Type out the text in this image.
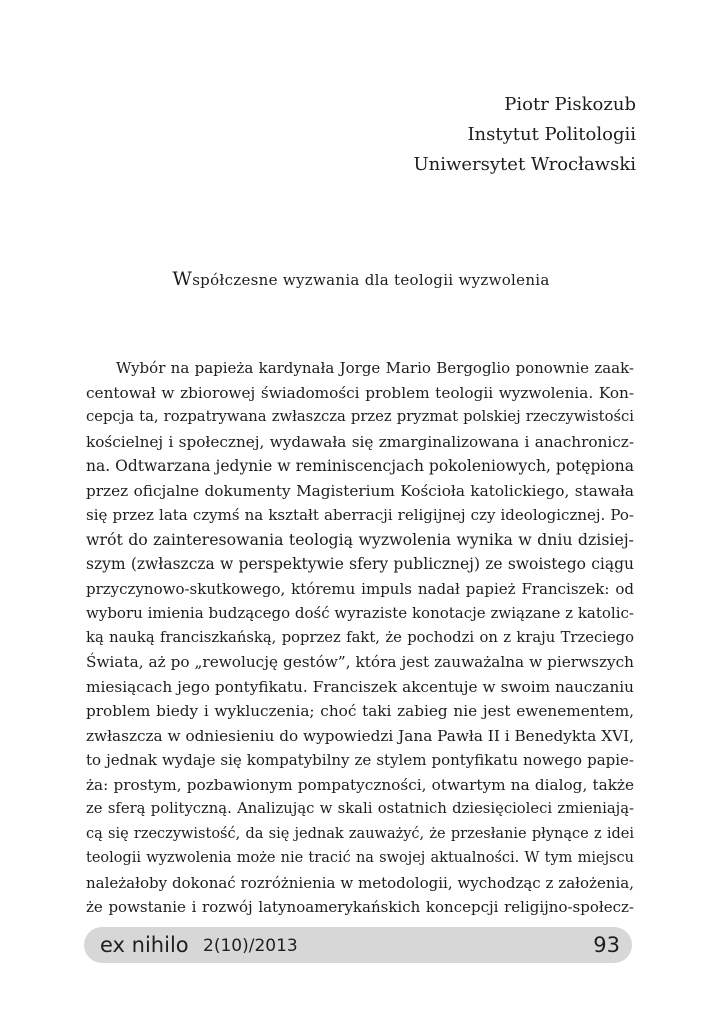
Piotr Piskozub
Instytut Politologii
Uniwersytet Wrocławski
Współczesne wyzwania dla teologii wyzwolenia
Wybór na papieża kardynała Jorge Mario Bergoglio ponownie zaak-
centował w zbiorowej świadomości problem teologii wyzwolenia. Kon-
cepcja ta, rozpatrywana zwłaszcza przez pryzmat polskiej rzeczywistości
kościelnej i społecznej, wydawała się zmarginalizowana i anachronicz-
na. Odtwarzana jedynie w reminiscencjach pokoleniowych, potępiona
przez oficjalne dokumenty Magisterium Kościoła katolickiego, stawała
się przez lata czymś na kształt aberracji religijnej czy ideologicznej. Po-
wrót do zainteresowania teologią wyzwolenia wynika w dniu dzisiej-
szym (zwłaszcza w perspektywie sfery publicznej) ze swoistego ciągu
przyczynowo-skutkowego, któremu impuls nadał papież Franciszek: od
wyboru imienia budzącego dość wyraziste konotacje związane z katolic-
ką nauką franciszkańską, poprzez fakt, że pochodzi on z kraju Trzeciego
Świata, aż po „rewolucję gestów”, która jest zauważalna w pierwszych
miesiącach jego pontyfikatu. Franciszek akcentuje w swoim nauczaniu
problem biedy i wykluczenia; choć taki zabieg nie jest ewenementem,
zwłaszcza w odniesieniu do wypowiedzi Jana Pawła II i Benedykta XVI,
to jednak wydaje się kompatybilny ze stylem pontyfikatu nowego papie-
ża: prostym, pozbawionym pompatyczności, otwartym na dialog, także
ze sferą polityczną. Analizując w skali ostatnich dziesięcioleci zmieniają-
cą się rzeczywistość, da się jednak zauważyć, że przesłanie płynące z idei
teologii wyzwolenia może nie tracić na swojej aktualności. W tym miejscu
należałoby dokonać rozróżnienia w metodologii, wychodząc z założenia,
że powstanie i rozwój latynoamerykańskich koncepcji religijno-społecz-
ex nihilo 2(10)/2013	93
